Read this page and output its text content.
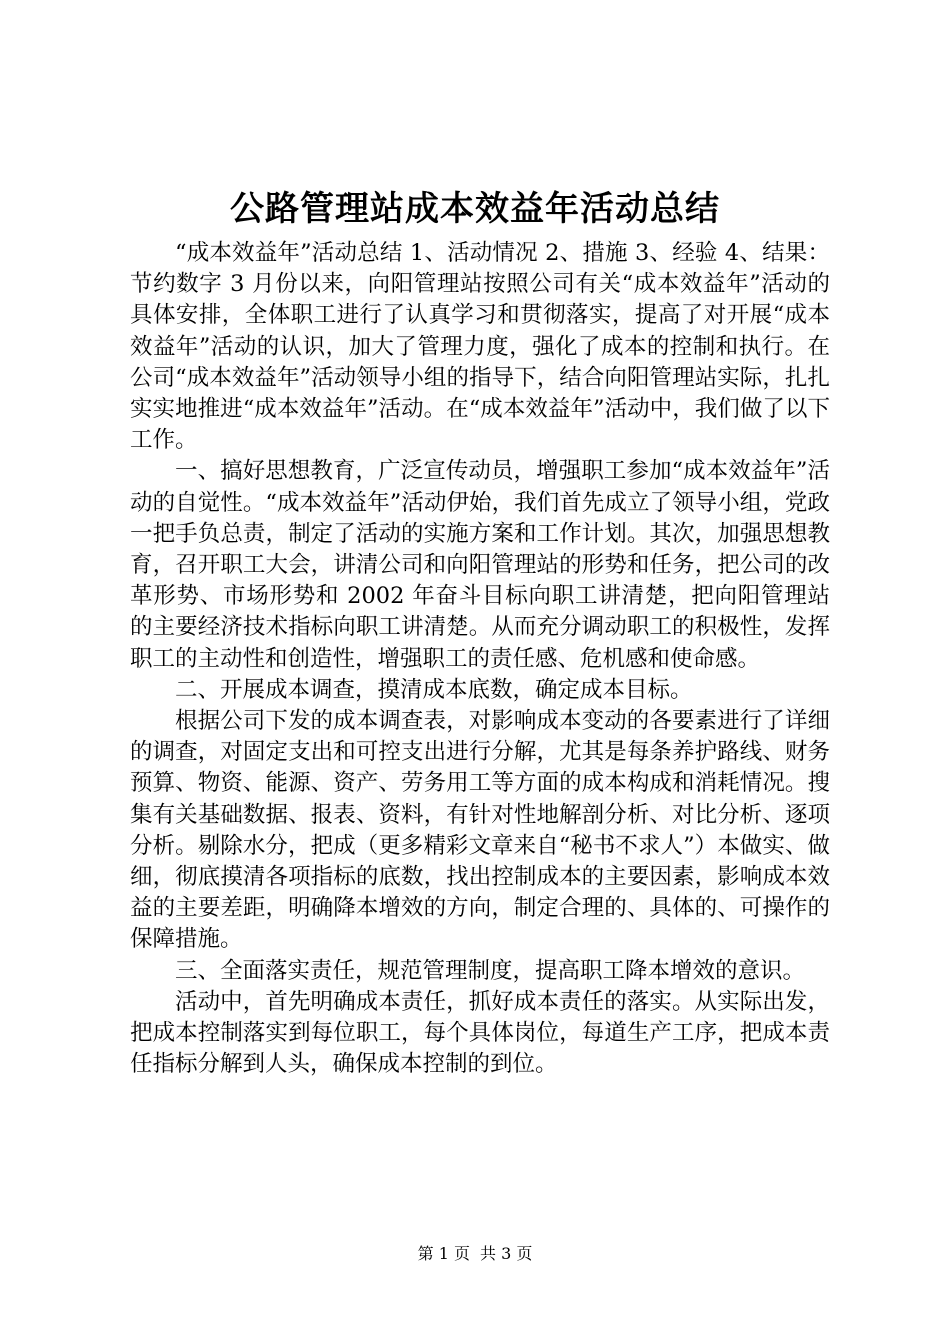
公路管理站成本效益年活动总结

“成本效益年”活动总结 1、活动情况 2、措施 3、经验 4、结果：节约数字 3 月份以来，向阳管理站按照公司有关“成本效益年”活动的具体安排，全体职工进行了认真学习和贯彻落实，提高了对开展“成本效益年”活动的认识，加大了管理力度，强化了成本的控制和执行。在公司“成本效益年”活动领导小组的指导下，结合向阳管理站实际，扎扎实实地推进“成本效益年”活动。在“成本效益年”活动中，我们做了以下工作。

一、搞好思想教育，广泛宣传动员，增强职工参加“成本效益年”活动的自觉性。“成本效益年”活动伊始，我们首先成立了领导小组，党政一把手负总责，制定了活动的实施方案和工作计划。其次，加强思想教育，召开职工大会，讲清公司和向阳管理站的形势和任务，把公司的改革形势、市场形势和 2002 年奋斗目标向职工讲清楚，把向阳管理站的主要经济技术指标向职工讲清楚。从而充分调动职工的积极性，发挥职工的主动性和创造性，增强职工的责任感、危机感和使命感。

二、开展成本调查，摸清成本底数，确定成本目标。

根据公司下发的成本调查表，对影响成本变动的各要素进行了详细的调查，对固定支出和可控支出进行分解，尤其是每条养护路线、财务预算、物资、能源、资产、劳务用工等方面的成本构成和消耗情况。搜集有关基础数据、报表、资料，有针对性地解剖分析、对比分析、逐项分析。剔除水分，把成（更多精彩文章来自“秘书不求人”）本做实、做细，彻底摸清各项指标的底数，找出控制成本的主要因素，影响成本效益的主要差距，明确降本增效的方向，制定合理的、具体的、可操作的保障措施。

三、全面落实责任，规范管理制度，提高职工降本增效的意识。

活动中，首先明确成本责任，抓好成本责任的落实。从实际出发，把成本控制落实到每位职工，每个具体岗位，每道生产工序，把成本责任指标分解到人头，确保成本控制的到位。

第 1 页 共 3 页
